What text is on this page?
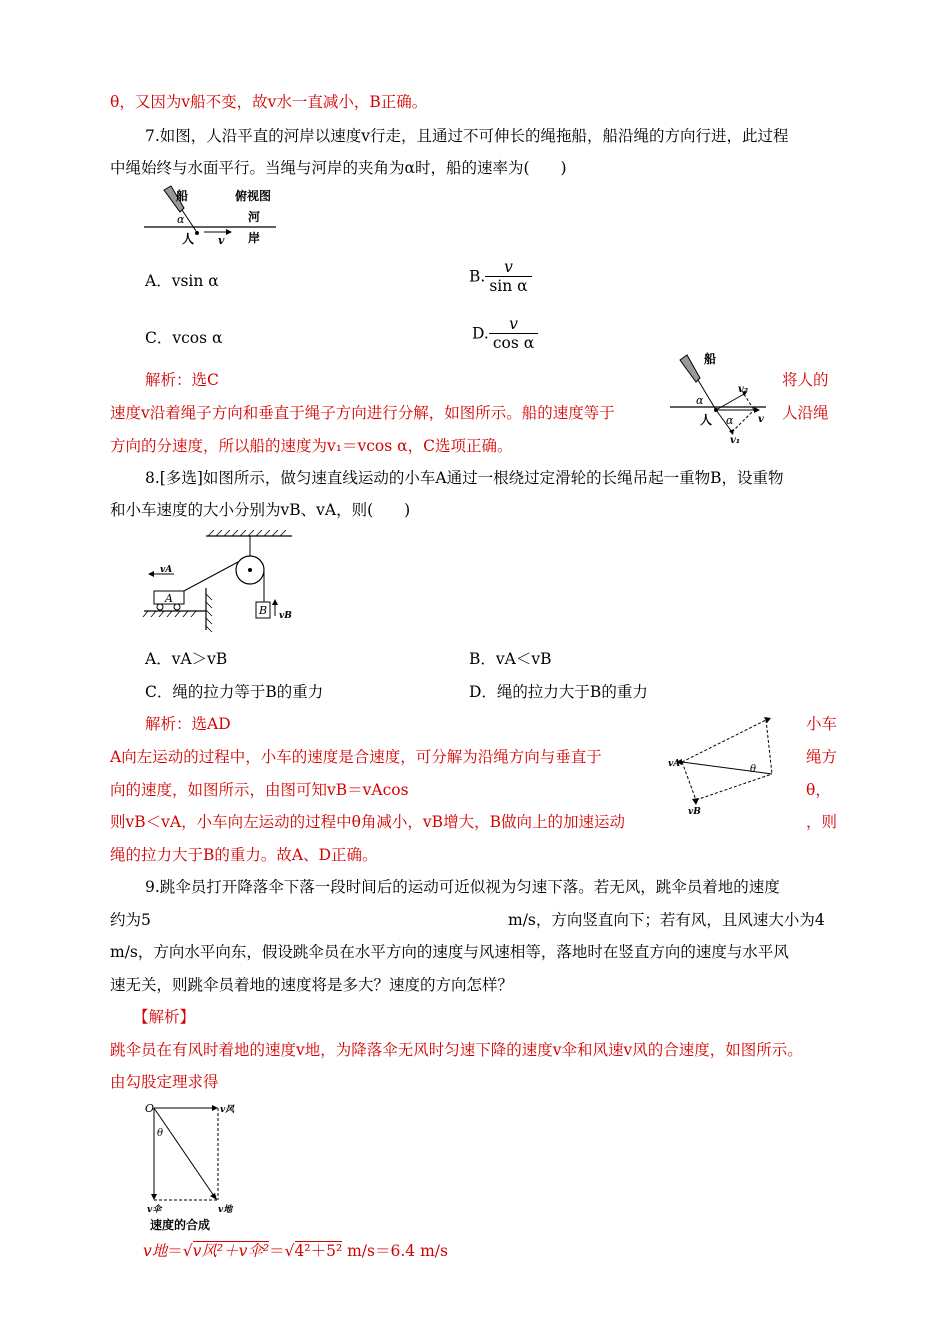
θ，又因为v船不变，故v水一直减小，B正确。
7.如图，人沿平直的河岸以速度v行走，且通过不可伸长的绳拖船，船沿绳的方向行进，此过程
中绳始终与水面平行。当绳与河岸的夹角为α时，船的速率为(　　)
船	俯视图
α	河
岸
人 v
A．vsin α	B. $\frac{v}{\text{sin α}}$
C．vcos α	D. $\frac{v}{\text{cos α}}$
解析：选C	将人的
速度v沿着绳子方向和垂直于绳子方向进行分解，如图所示。船的速度等于	人沿绳
方向的分速度，所以船的速度为v₁＝vcos α，C选项正确。
船
α
α
人	v
v₂
v₁
8.[多选]如图所示，做匀速直线运动的小车A通过一根绕过定滑轮的长绳吊起一重物B，设重物
和小车速度的大小分别为vB、vA，则(　　)
B vB
A
vA
A．vA＞vB	B．vA＜vB
C．绳的拉力等于B的重力	D．绳的拉力大于B的重力
解析：选AD	小车
A向左运动的过程中，小车的速度是合速度，可分解为沿绳方向与垂直于	绳方
向的速度，如图所示，由图可知vB＝vAcos	θ，
则vB＜vA，小车向左运动的过程中θ角减小，vB增大，B做向上的加速运动	，则
绳的拉力大于B的重力。故A、D正确。
vA	θ
vB
9.跳伞员打开降落伞下落一段时间后的运动可近似视为匀速下落。若无风，跳伞员着地的速度
约为5	m/s，方向竖直向下；若有风，且风速大小为4
m/s，方向水平向东，假设跳伞员在水平方向的速度与风速相等，落地时在竖直方向的速度与水平风
速无关，则跳伞员着地的速度将是多大？速度的方向怎样？
【解析】
跳伞员在有风时着地的速度v地，为降落伞无风时匀速下降的速度v伞和风速v风的合速度，如图所示。
由勾股定理求得
O	v风
θ
v伞	v地
速度的合成
v地＝√v风²＋v伞²＝√4²＋5² m/s＝6.4 m/s
